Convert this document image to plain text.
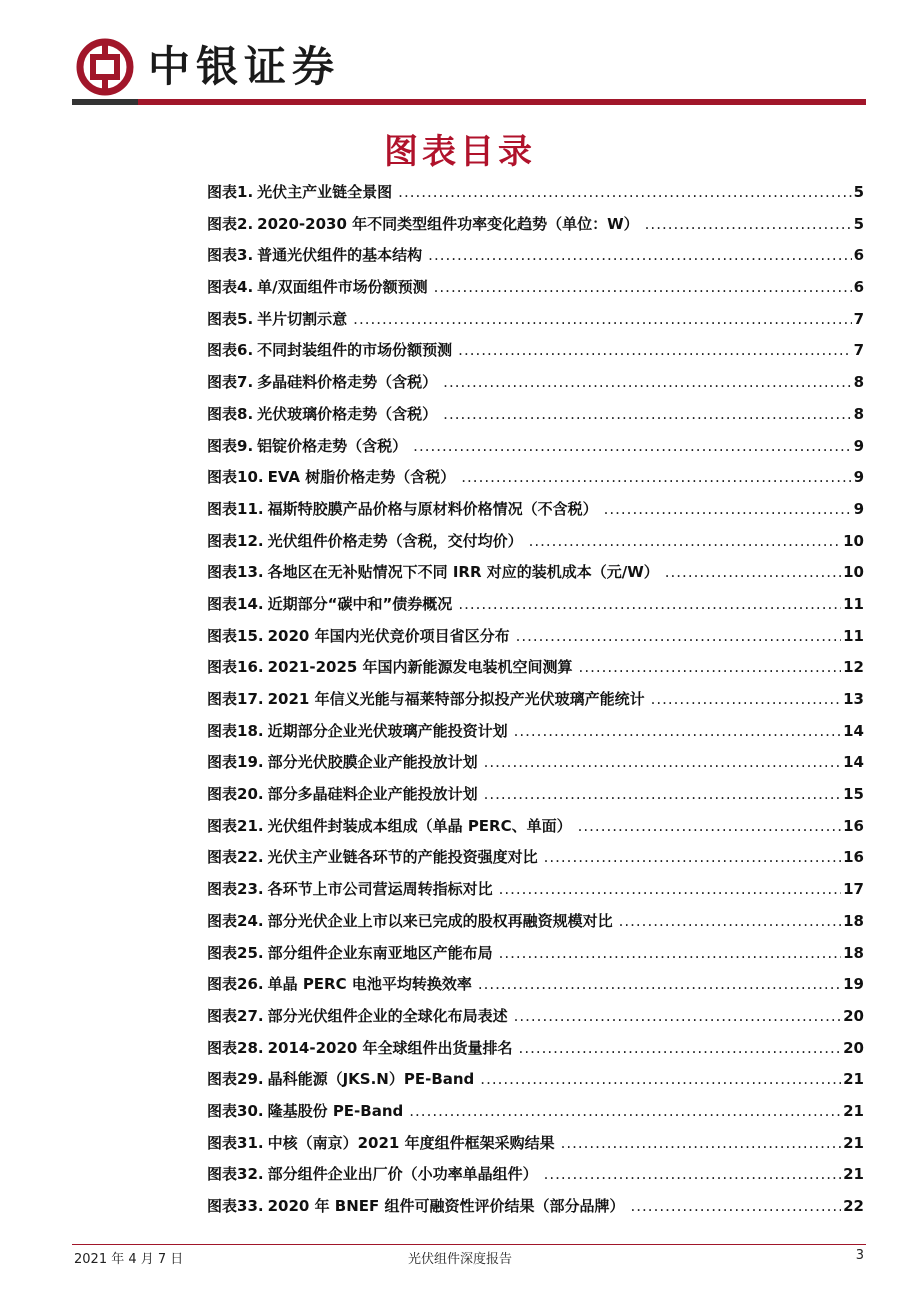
中银证券
图表目录
图表 1. 光伏主产业链全景图 .....	5
图表 2. 2020-2030 年不同类型组件功率变化趋势（单位：W） .....	5
图表 3. 普通光伏组件的基本结构 .....	6
图表 4. 单/双面组件市场份额预测 .....	6
图表 5. 半片切割示意 .....	7
图表 6. 不同封装组件的市场份额预测 .....	7
图表 7. 多晶硅料价格走势（含税） .....	8
图表 8. 光伏玻璃价格走势（含税） .....	8
图表 9. 铝锭价格走势（含税） .....	9
图表 10. EVA 树脂价格走势（含税） .....	9
图表 11. 福斯特胶膜产品价格与原材料价格情况（不含税） .....	9
图表 12. 光伏组件价格走势（含税，交付均价） .....	10
图表 13. 各地区在无补贴情况下不同 IRR 对应的装机成本（元/W） .....	10
图表 14. 近期部分“碳中和”债券概况 .....	11
图表 15. 2020 年国内光伏竞价项目省区分布 .....	11
图表 16. 2021-2025 年国内新能源发电装机空间测算 .....	12
图表 17. 2021 年信义光能与福莱特部分拟投产光伏玻璃产能统计 .....	13
图表 18. 近期部分企业光伏玻璃产能投资计划 .....	14
图表 19. 部分光伏胶膜企业产能投放计划 .....	14
图表 20. 部分多晶硅料企业产能投放计划 .....	15
图表 21. 光伏组件封装成本组成（单晶 PERC、单面） .....	16
图表 22. 光伏主产业链各环节的产能投资强度对比 .....	16
图表 23. 各环节上市公司营运周转指标对比 .....	17
图表 24. 部分光伏企业上市以来已完成的股权再融资规模对比 .....	18
图表 25. 部分组件企业东南亚地区产能布局 .....	18
图表 26. 单晶 PERC 电池平均转换效率 .....	19
图表 27. 部分光伏组件企业的全球化布局表述 .....	20
图表 28. 2014-2020 年全球组件出货量排名 .....	20
图表 29. 晶科能源（JKS.N）PE-Band .....	21
图表 30. 隆基股份 PE-Band .....	21
图表 31. 中核（南京）2021 年度组件框架采购结果 .....	21
图表 32. 部分组件企业出厂价（小功率单晶组件） .....	21
图表 33. 2020 年 BNEF 组件可融资性评价结果（部分品牌） .....	22
2021 年 4 月 7 日	光伏组件深度报告	3
